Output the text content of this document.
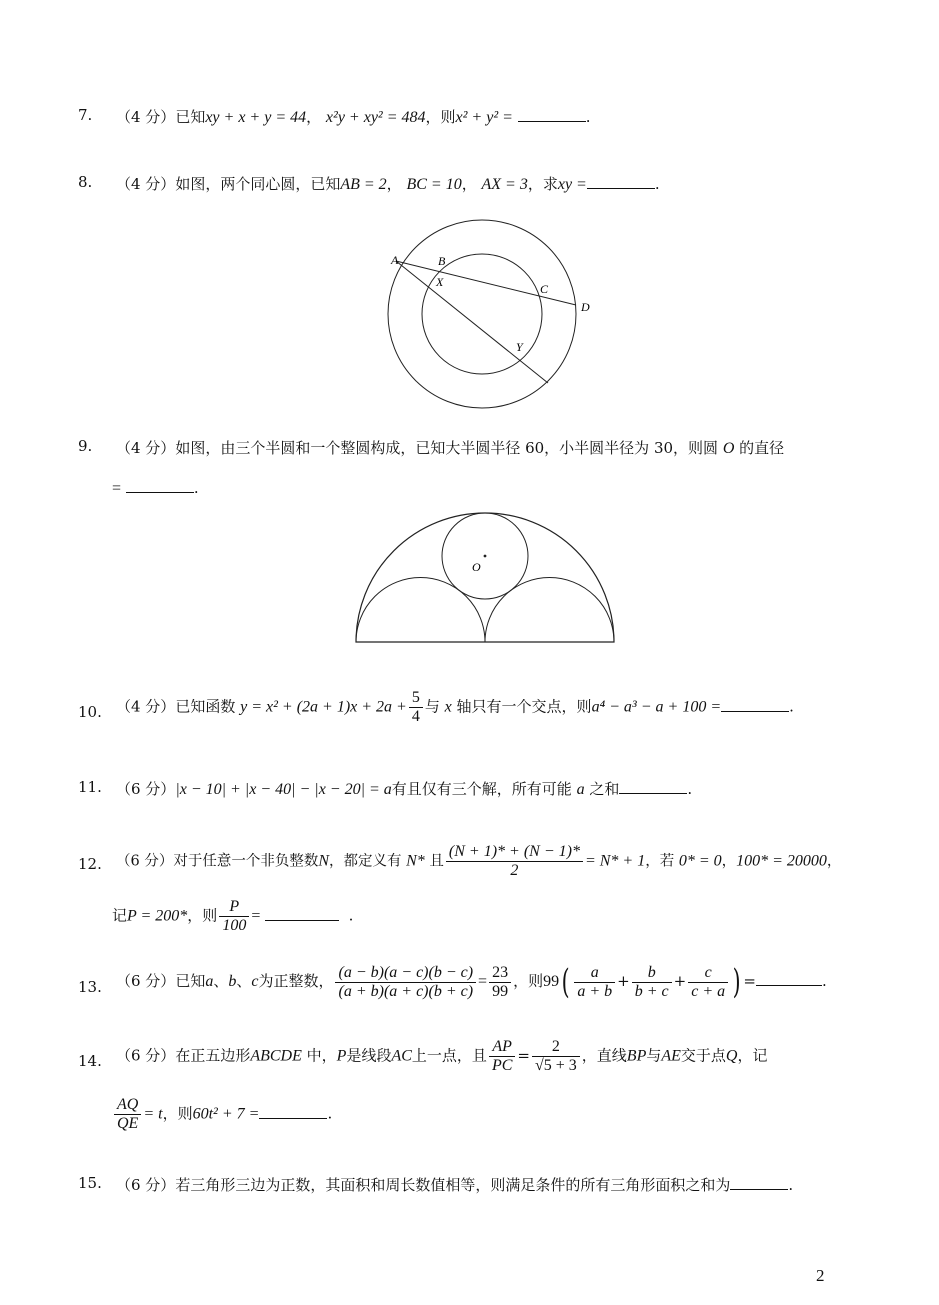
7. （4 分）已知xy + x + y = 44， x²y + xy² = 484，则x² + y² =	.
8. （4 分）如图，两个同心圆，已知AB = 2， BC = 10， AX = 3，求xy =	.
A	B
X	C
D
Y
9. （4 分）如图，由三个半圆和一个整圆构成，已知大半圆半径 60，小半圆半径为 30，则圆 O 的直径
=	.
O
10. （4 分）已知函数 $y = x^2 + (2a + 1)x + 2a + \frac{5}{4}$ 与 x 轴只有一个交点，则a⁴ − a³ − a + 100 =	.
11. （6 分）|x − 10| + |x − 40| − |x − 20| = a有且仅有三个解，所有可能 a 之和	.
12. （6 分）对于任意一个非负整数N，都定义有 N* 且 $\frac{(N + 1)* + (N - 1)*}{2} = N* + 1$，若 0* = 0，100* = 20000，
记P = 200*，则 $\frac{P}{100}$ =	.
13. （6 分）已知a、b、c为正整数， $\frac{(a - b)(a - c)(b - c)}{(a + b)(a + c)(b + c)} = \frac{23}{99}$ ，则$99( \frac{a}{a + b} + \frac{b}{b + c} + \frac{c}{c + a}$ ) =	.
14. （6 分）在正五边形ABCDE 中，P是线段AC上一点，且 $\frac{AP}{PC} = \frac{2}{√5 + 3}$ ，直线BP与AE交于点Q，记
$\frac{AQ}{QE} = t$，则60t² + 7 =	.
15. （6 分）若三角形三边为正数，其面积和周长数值相等，则满足条件的所有三角形面积之和为	.
2
